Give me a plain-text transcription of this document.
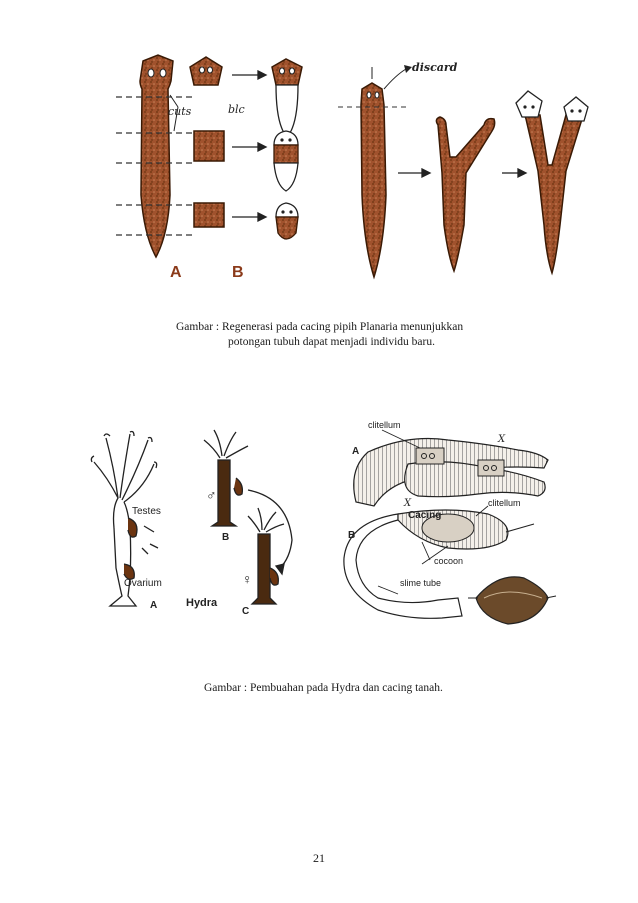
cuts	blc
discard
A	B
Gambar : Regenerasi pada cacing pipih Planaria menunjukkan
potongan tubuh dapat menjadi individu baru.
Testes
Ovarium
A	Hydra
B
C
♂
♀
clitellum
X
A
X	clitellum
Cacing
B
cocoon
slime tube
Gambar : Pembuahan pada Hydra dan cacing tanah.
21
